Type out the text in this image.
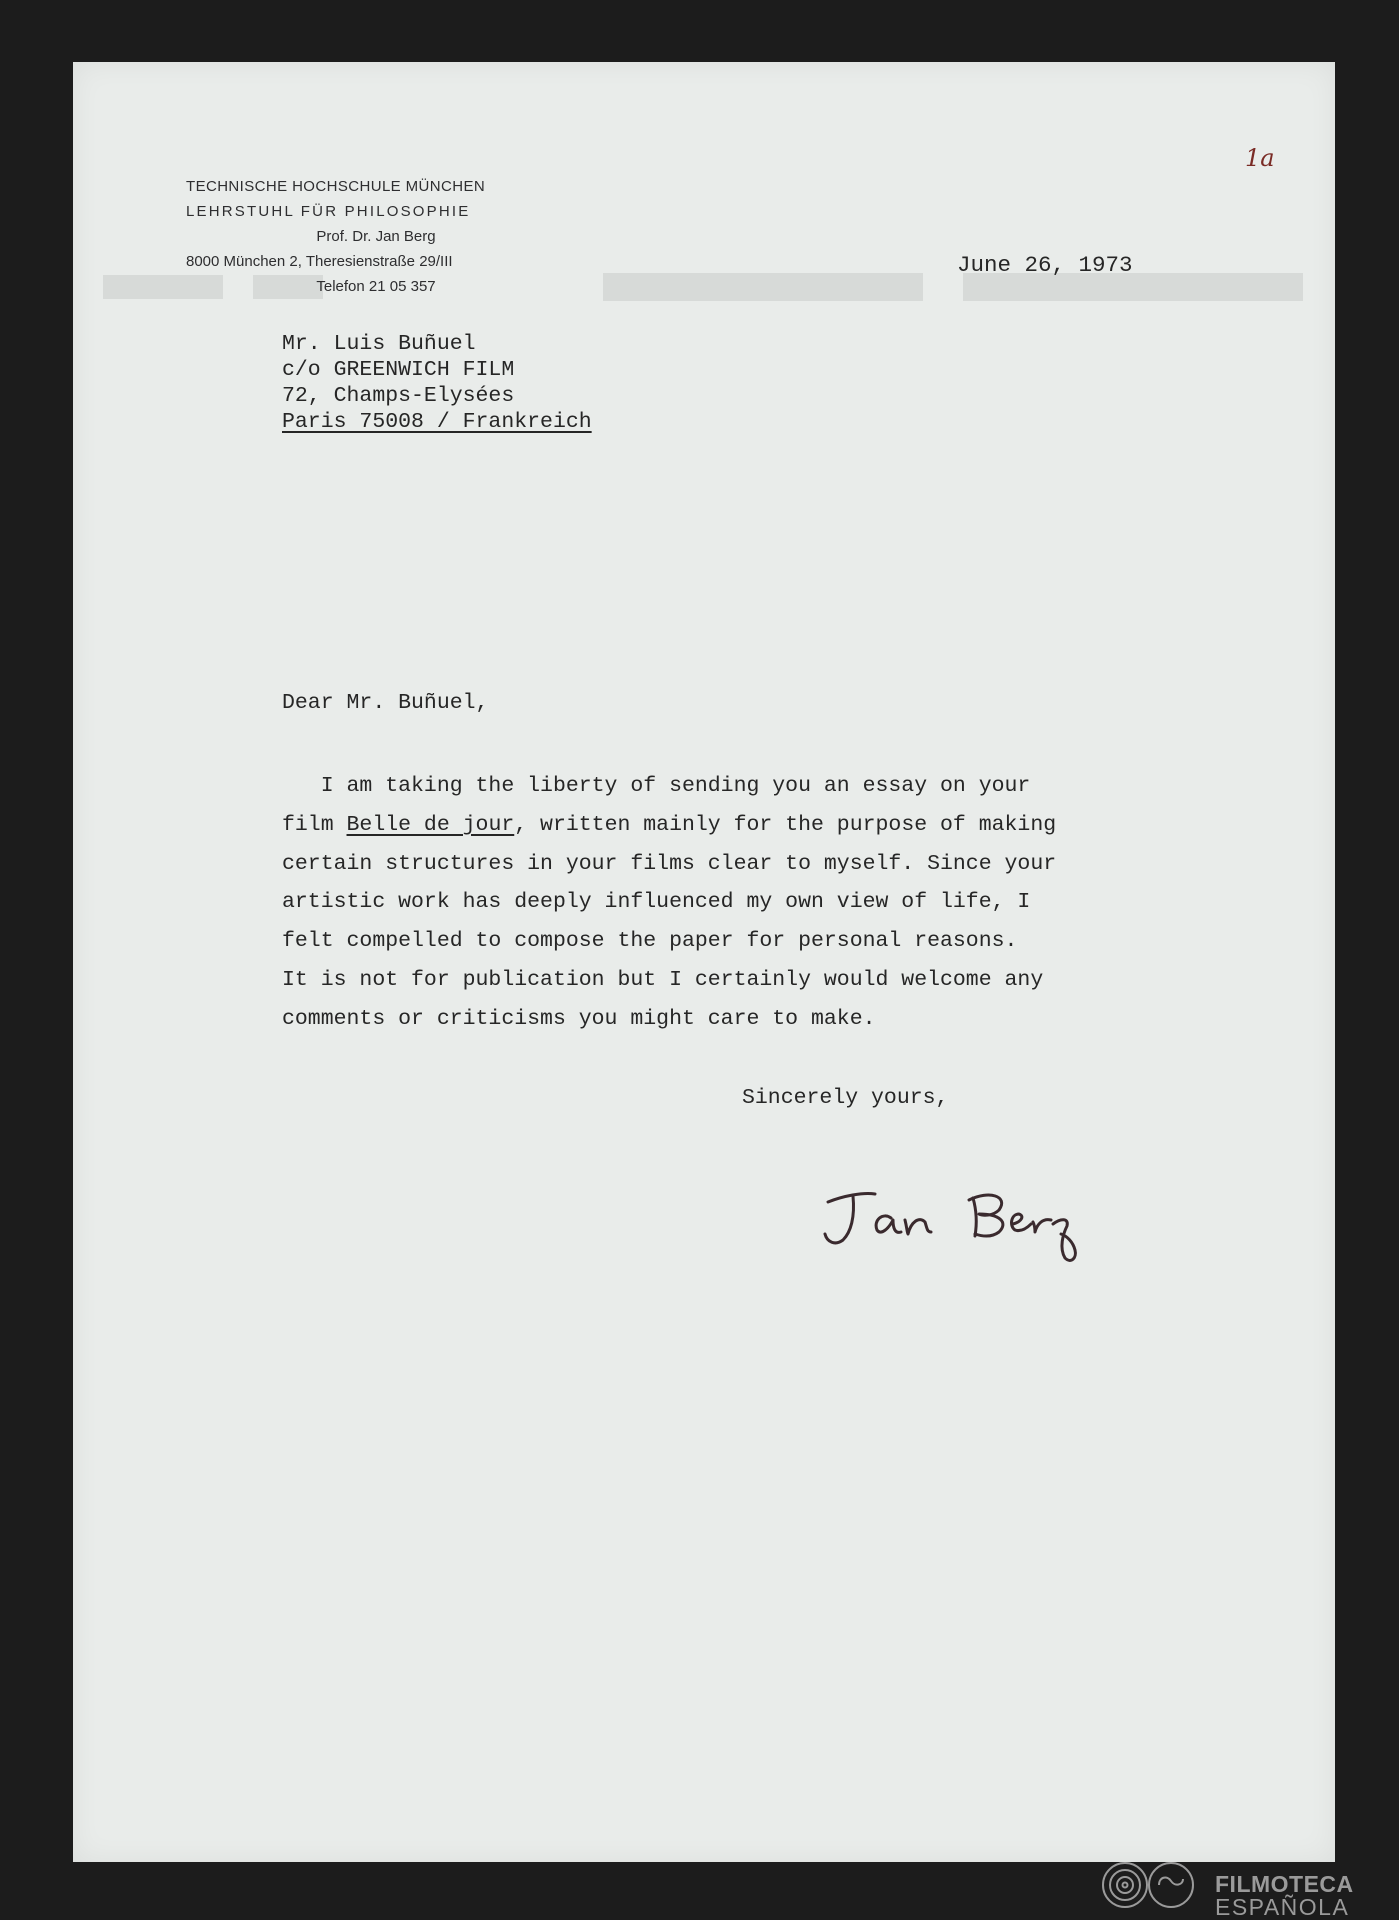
1a
TECHNISCHE HOCHSCHULE MÜNCHEN
LEHRSTUHL FÜR PHILOSOPHIE
Prof. Dr. Jan Berg
8000 München 2, Theresienstraße 29/III
Telefon 21 05 357
June 26, 1973
Mr. Luis Buñuel
c/o GREENWICH FILM
72, Champs-Elysées
Paris 75008 / Frankreich
Dear Mr. Buñuel,
I am taking the liberty of sending you an essay on your
film Belle de jour, written mainly for the purpose of making
certain structures in your films clear to myself. Since your
artistic work has deeply influenced my own view of life, I
felt compelled to compose the paper for personal reasons.
It is not for publication but I certainly would welcome any
comments or criticisms you might care to make.
Sincerely yours,
FILMOTECA
ESPAÑOLA
